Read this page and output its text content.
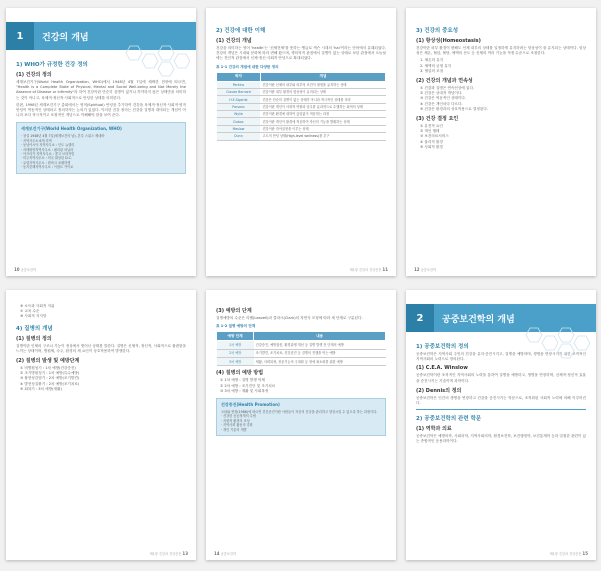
1	건강의 개념
1) WHO가 규정한 건강 정의
(1) 건강의 정의
세계보건기구(World Health Organization, WHO)에서 1948년 4월 7일에 채택한 현장에 따르면, "Health is a Complete State of Physical, Mental and Social Well-being and Not Merely the Absence of Disease or Infirmity"라 하여 건강이란 단순히 질병이 없거나 허약하지 않은 상태만을 의미하는 것이 아니고, 육체적·정신적·사회적으로 안녕한 상태를 의미한다.
한편, 1998년 세계보건기구 총회에서는 영적(Spiritual) 안녕을 추가하여 건강을 육체적·정신적·사회적·영적 안녕이 역동적인 상태라고 정의하자는 논의가 있었다. 이러한 건강 정의는 건강을 질병과 대비되는 개념이 아니라 보다 적극적이고 포괄적인 개념으로 이해해야 함을 보여 준다.
세계보건기구(World Health Organization, WHO)
· 창설 1948년 4월 7일(세계보건의 날), 본부 스위스 제네바
· 지역사무소 6개 지역
· 동남아시아 지역사무소 : 인도 뉴델리
· 서태평양지역사무소 : 필리핀 마닐라
· 아프리카 지역사무소 : 콩고 브라자빌
· 미주지역사무소 : 미국 워싱턴 D.C.
· 유럽지역사무소 : 덴마크 코펜하겐
· 동지중해지역사무소 : 이집트 카이로
10 공중보건학
2) 건강에 대한 이해
(1) 건강의 개념
건강을 의미하는 영어 'health'는 '신체전체'를 뜻하는 앵글로 색슨 시대의 'hal'이라는 단어에서 유래되었다. 건강의 개념은 시대와 문화에 따라 변해 왔으며, 생의학적 관점에서 질병이 없는 상태로 보던 관점에서 오늘날에는 전인적 관점에서 신체·정신·사회적 안녕으로 확대되었다.
표 1-1 건강의 개념에 대한 다양한 정의
학자	개념
Perkins	건강이란 신체의 내부와 외부의 조건이 평형을 유지하는 상태
Claude Bernard	건강이란 내부 환경의 항상성이 유지되는 상태
H.E.Sigerist	건강은 단순히 질병이 없는 상태가 아니라 적극적인 상태를 의미
Parsons	건강이란 개인이 사회적 역할과 임무를 효과적으로 수행하는 최적의 상태
Wylie	건강이란 환경에 대하여 끊임없이 적응하는 과정
Dubos	건강이란 개인이 환경에 적응하여 자신의 기능을 발휘하는 상태
Maslow	건강이란 자아실현을 이루는 상태
Dunn	고도의 안녕 상태(High-level wellness)를 추구
제1장 건강과 건강증진 11
3) 건강의 중요성
(1) 항상성(Homeostasis)
건강이란 외부 환경이 변해도 인체 내부의 상태를 일정하게 유지하려는 항상성이 잘 유지되는 상태이다. 항상성은 체온, 혈압, 혈당, 체액의 산도 등 신체의 여러 기능을 적정 수준으로 조절한다.
1. 체온의 유지
2. 체액의 균형 유지
3. 혈압의 조절
(2) 건강의 개념과 연속성
① 건강과 질병은 연속선상에 있다.
② 건강은 상대적 개념이다.
③ 건강은 역동적인 상태이다.
④ 건강은 개인마다 다르다.
⑤ 건강은 환경과의 상호작용으로 결정된다.
(3) 건강 결정 요인
① 유전적 요인
② 개인 행태
③ 보건의료서비스
④ 물리적 환경
⑤ 사회적 환경
12 공중보건학
⑥ 소득과 사회적 지위
⑦ 교육 수준
⑧ 사회적 지지망
4) 질병의 개념
(1) 질병의 정의
질병이란 인체의 구조나 기능이 정상에서 벗어난 상태를 말한다. 질병은 신체적, 정신적, 사회적으로 불편함을 느끼는 상태이며, 병원체, 숙주, 환경의 세 요인이 상호작용하여 발생한다.
(2) 질병의 발생 및 예방단계
① 비병원성기 : 1차 예방(건강증진)
② 초기병원성기 : 1차 예방(특수예방)
③ 불현성감염기 : 2차 예방(조기발견)
④ 발현성질환기 : 2차 예방(조기치료)
⑤ 회복기 : 3차 예방(재활)
제1장 건강과 건강증진 13
(3) 예방의 단계
질병예방의 수준은 리벨(Leavell)과 클라크(Clark)의 자연사 모형에 따라 세 단계로 구분된다.
표 1-2 질병 예방의 단계
예방 단계	내용
1차 예방	건강증진, 예방접종, 환경위생 개선 등 질병 발생 전 단계의 예방
2차 예방	조기발견, 조기치료, 건강검진 등 질병의 진행을 막는 예방
3차 예방	재활, 사회복귀, 잔존기능의 극대화 등 장애 최소화를 위한 예방
(4) 질병의 예방 방법
① 1차 예방 : 질병 발생 억제
② 2차 예방 : 조기진단 및 조기치료
③ 3차 예방 : 재활 및 사회복귀
건강증진(Health Promotion)
오타와 헌장(1986)에 따르면 건강증진이란 사람들이 자신의 건강을 관리하고 향상시킬 수 있도록 하는 과정이다.
· 건강한 공공정책의 수립
· 지원적 환경의 조성
· 지역사회 활동의 강화
· 개인 기술의 개발
14 공중보건학
2	공중보건학의 개념
1) 공중보건학의 정의
공중보건학은 지역사회 주민의 건강을 유지·증진시키고, 질병을 예방하며, 생명을 연장시키기 위한 조직적인 지역사회의 노력으로 정의된다.
(1) C.E.A. Winslow
공중보건학이란 조직적인 지역사회의 노력을 통하여 질병을 예방하고, 생명을 연장하며, 신체적·정신적 효율을 증진시키는 기술이며 과학이다.
(2) Dennis의 정의
공중보건학은 인간의 생명을 연장하고 건강을 증진시키는 학문으로, 조직화된 사회적 노력에 의해 이루어진다.
2) 공중보건학의 관련 학문
(1) 역학과 의료
공중보건학은 예방의학, 사회의학, 지역사회의학, 환경보건학, 보건행정학, 보건통계학 등과 밀접한 관련이 있는 종합적인 응용과학이다.
제1장 건강과 건강증진 15
